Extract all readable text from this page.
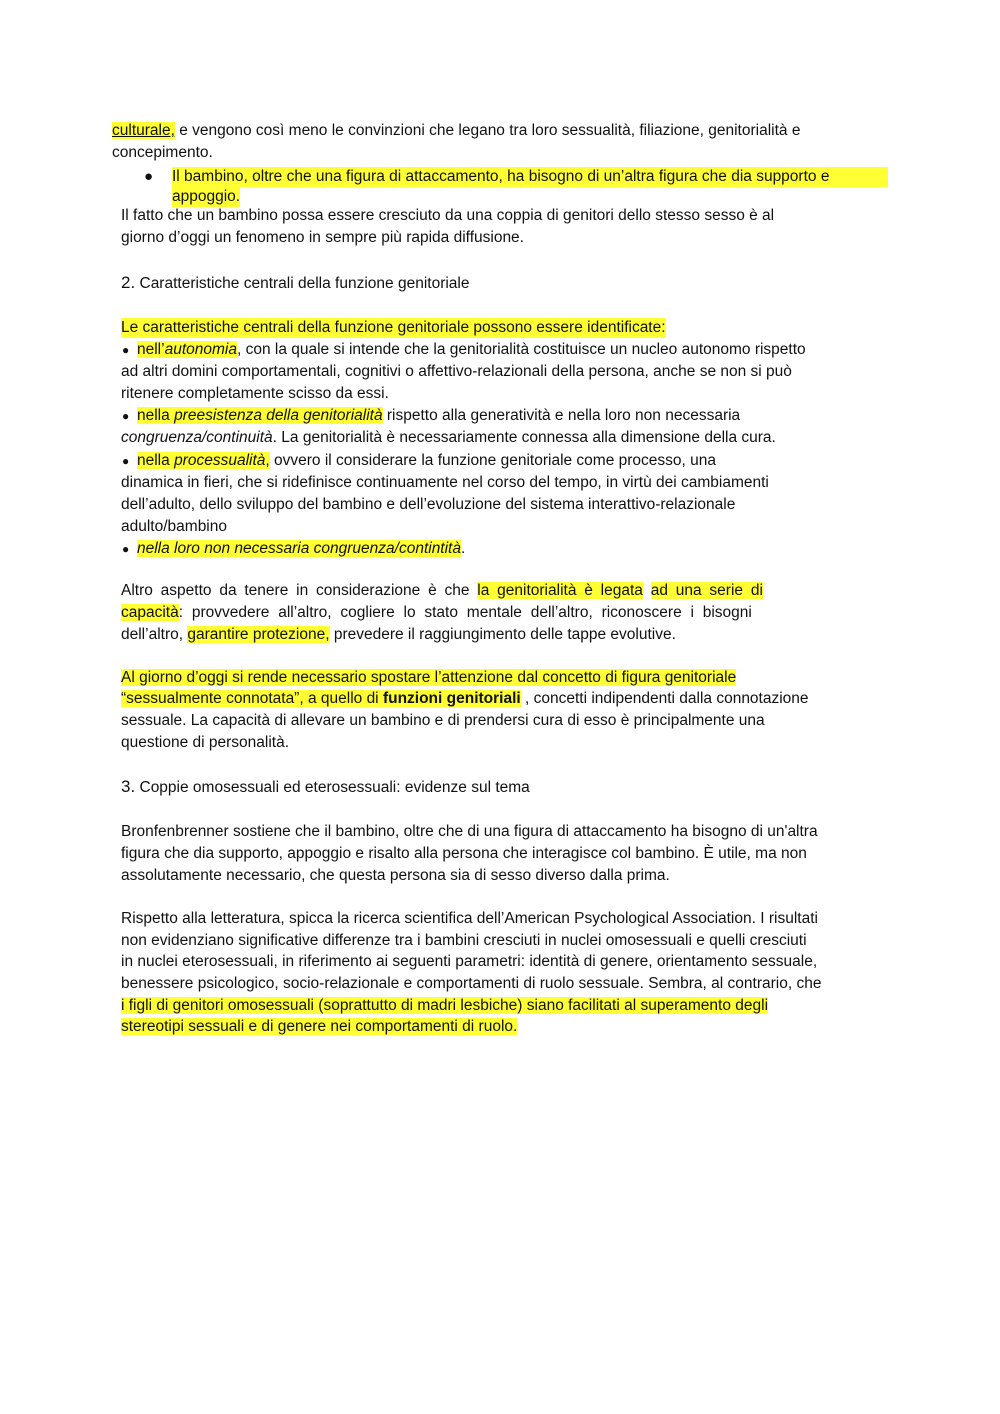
culturale, e vengono così meno le convinzioni che legano tra loro sessualità, filiazione, genitorialità e
concepimento.
● Il bambino, oltre che una figura di attaccamento, ha bisogno di un’altra figura che dia supporto e
appoggio.
Il fatto che un bambino possa essere cresciuto da una coppia di genitori dello stesso sesso è al
giorno d’oggi un fenomeno in sempre più rapida diffusione.
2. Caratteristiche centrali della funzione genitoriale
Le caratteristiche centrali della funzione genitoriale possono essere identificate:
● nell’autonomia, con la quale si intende che la genitorialità costituisce un nucleo autonomo rispetto
ad altri domini comportamentali, cognitivi o affettivo-relazionali della persona, anche se non si può
ritenere completamente scisso da essi.
● nella preesistenza della genitorialità rispetto alla generatività e nella loro non necessaria
congruenza/continuità. La genitorialità è necessariamente connessa alla dimensione della cura.
● nella processualità, ovvero il considerare la funzione genitoriale come processo, una
dinamica in fieri, che si ridefinisce continuamente nel corso del tempo, in virtù dei cambiamenti
dell’adulto, dello sviluppo del bambino e dell’evoluzione del sistema interattivo-relazionale
adulto/bambino
● nella loro non necessaria congruenza/contintità.
Altro aspetto da tenere in considerazione è che la genitorialità è legata ad una serie di
capacità: provvedere all’altro, cogliere lo stato mentale dell’altro, riconoscere i bisogni
dell’altro, garantire protezione, prevedere il raggiungimento delle tappe evolutive.
Al giorno d’oggi si rende necessario spostare l’attenzione dal concetto di figura genitoriale
“sessualmente connotata”, a quello di funzioni genitoriali , concetti indipendenti dalla connotazione
sessuale. La capacità di allevare un bambino e di prendersi cura di esso è principalmente una
questione di personalità.
3. Coppie omosessuali ed eterosessuali: evidenze sul tema
Bronfenbrenner sostiene che il bambino, oltre che di una figura di attaccamento ha bisogno di un'altra
figura che dia supporto, appoggio e risalto alla persona che interagisce col bambino. È utile, ma non
assolutamente necessario, che questa persona sia di sesso diverso dalla prima.
Rispetto alla letteratura, spicca la ricerca scientifica dell’American Psychological Association. I risultati
non evidenziano significative differenze tra i bambini cresciuti in nuclei omosessuali e quelli cresciuti
in nuclei eterosessuali, in riferimento ai seguenti parametri: identità di genere, orientamento sessuale,
benessere psicologico, socio-relazionale e comportamenti di ruolo sessuale. Sembra, al contrario, che
i figli di genitori omosessuali (soprattutto di madri lesbiche) siano facilitati al superamento degli
stereotipi sessuali e di genere nei comportamenti di ruolo.
